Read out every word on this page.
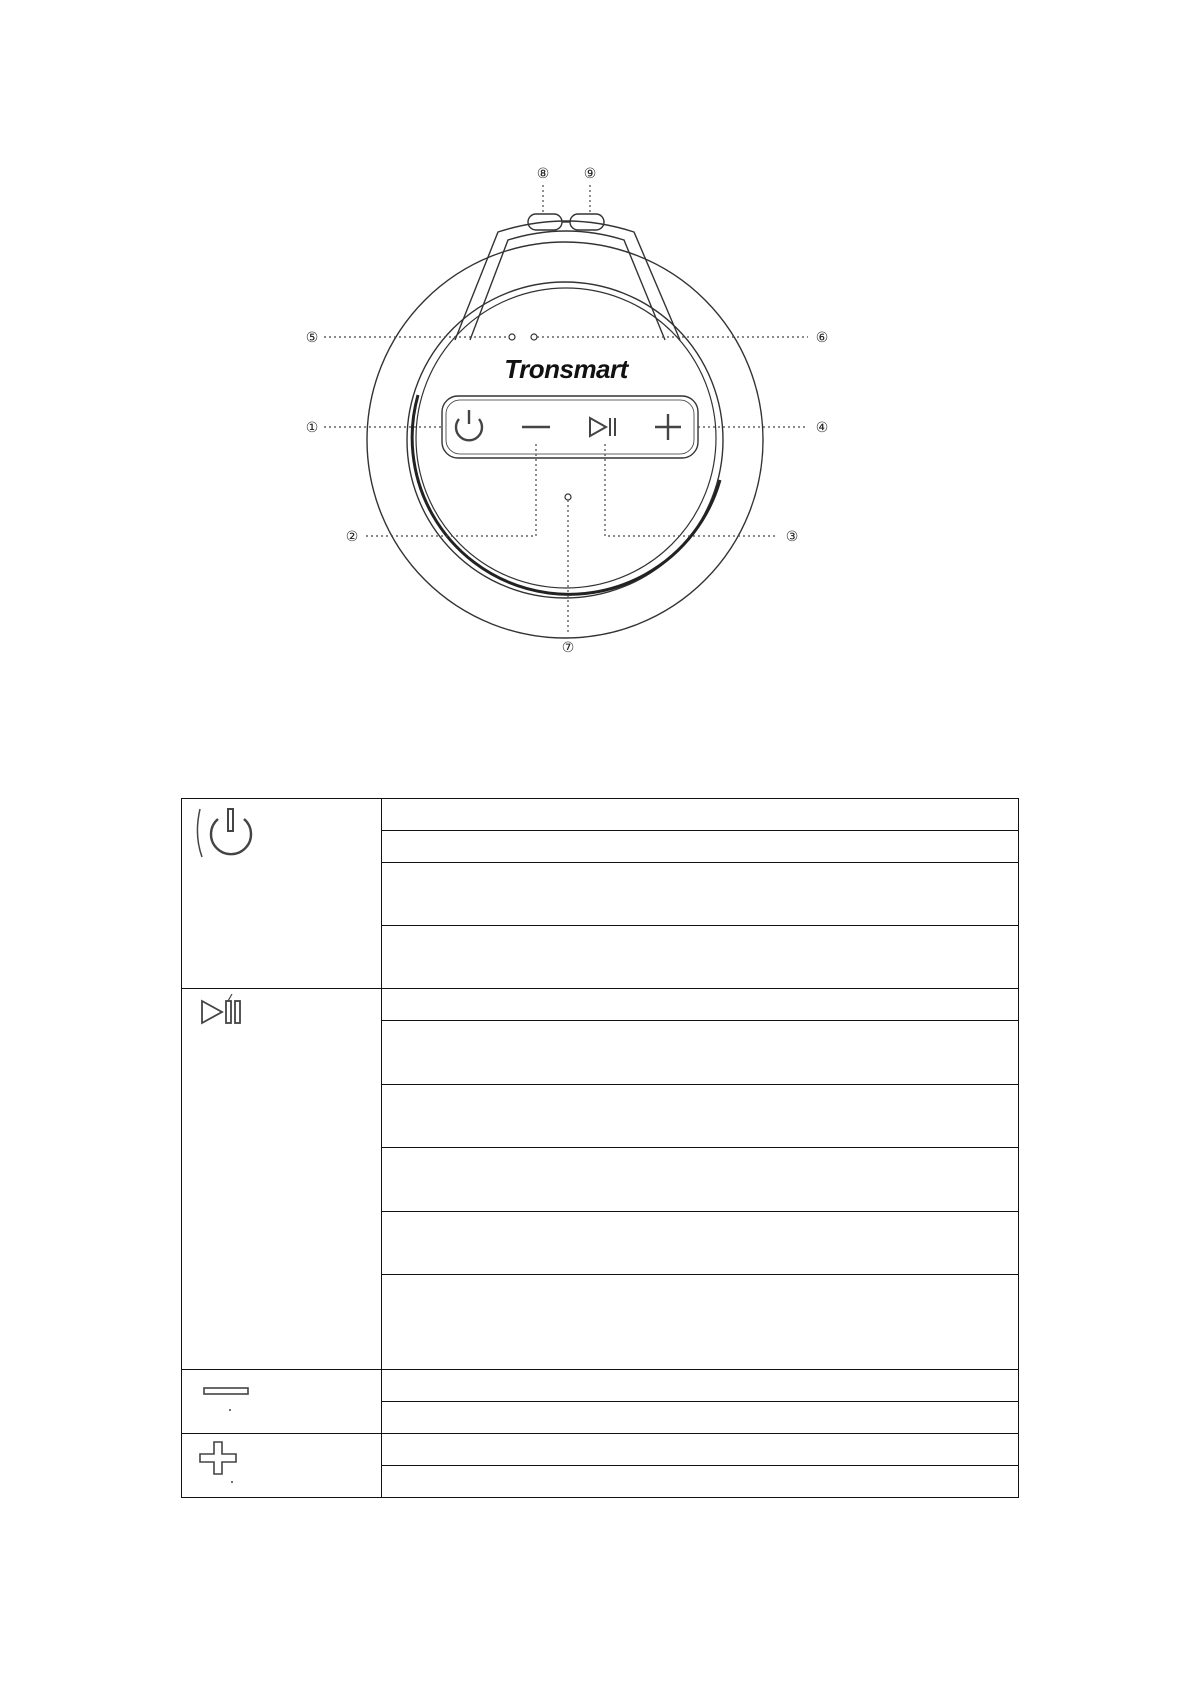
Tronsmart
①
②	③
④
⑤	⑥
⑦
⑧ ⑨
